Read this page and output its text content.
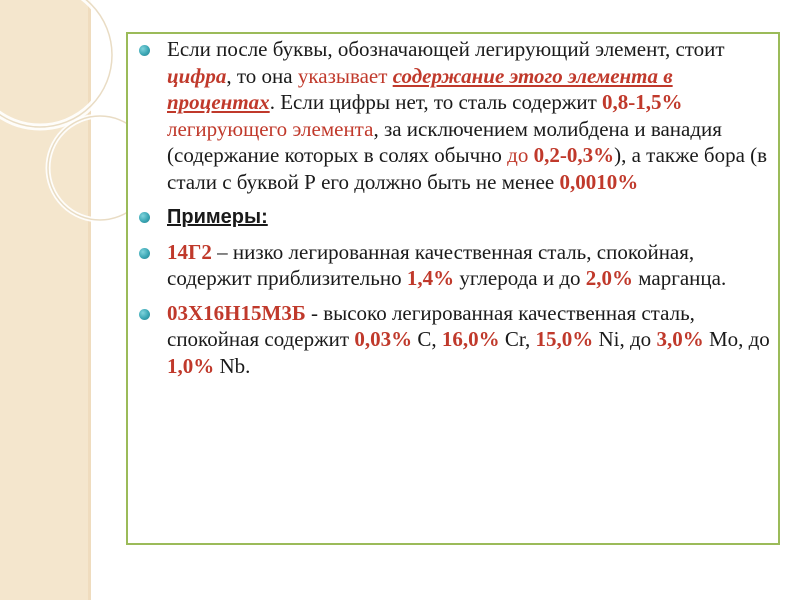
Если после буквы, обозначающей легирующий элемент, стоит цифра, то она указывает содержание этого элемента в процентах. Если цифры нет, то сталь содержит 0,8-1,5% легирующего элемента, за исключением молибдена и ванадия (содержание которых в солях обычно до 0,2-0,3%), а также бора (в стали с буквой Р его должно быть не менее 0,0010%
Примеры:
14Г2 – низко легированная качественная сталь, спокойная, содержит приблизительно 1,4% углерода и до 2,0% марганца.
03Х16Н15М3Б - высоко легированная качественная сталь, спокойная содержит 0,03% С, 16,0% Cr, 15,0% Ni, до 3,0% Mo, до 1,0% Nb.
